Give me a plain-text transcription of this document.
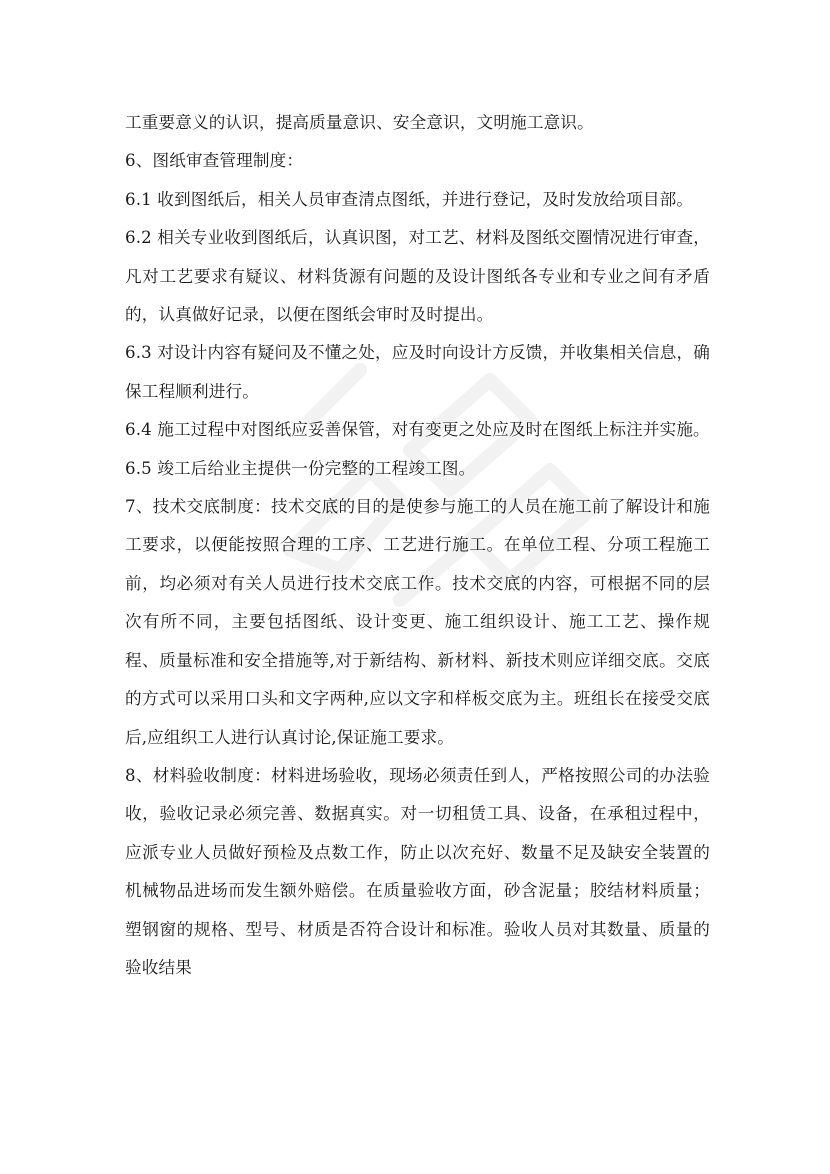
工重要意义的认识，提高质量意识、安全意识，文明施工意识。

6、图纸审查管理制度：

6.1 收到图纸后，相关人员审查清点图纸，并进行登记，及时发放给项目部。

6.2 相关专业收到图纸后，认真识图，对工艺、材料及图纸交圈情况进行审查，凡对工艺要求有疑议、材料货源有问题的及设计图纸各专业和专业之间有矛盾的，认真做好记录，以便在图纸会审时及时提出。

6.3 对设计内容有疑问及不懂之处，应及时向设计方反馈，并收集相关信息，确保工程顺利进行。

6.4 施工过程中对图纸应妥善保管，对有变更之处应及时在图纸上标注并实施。

6.5 竣工后给业主提供一份完整的工程竣工图。

7、技术交底制度：技术交底的目的是使参与施工的人员在施工前了解设计和施工要求，以便能按照合理的工序、工艺进行施工。在单位工程、分项工程施工前，均必须对有关人员进行技术交底工作。技术交底的内容，可根据不同的层次有所不同，主要包括图纸、设计变更、施工组织设计、施工工艺、操作规程、质量标准和安全措施等,对于新结构、新材料、新技术则应详细交底。交底的方式可以采用口头和文字两种,应以文字和样板交底为主。班组长在接受交底后,应组织工人进行认真讨论,保证施工要求。

8、材料验收制度：材料进场验收，现场必须责任到人，严格按照公司的办法验收，验收记录必须完善、数据真实。对一切租赁工具、设备，在承租过程中，应派专业人员做好预检及点数工作，防止以次充好、数量不足及缺安全装置的机械物品进场而发生额外赔偿。在质量验收方面，砂含泥量；胶结材料质量；塑钢窗的规格、型号、材质是否符合设计和标准。验收人员对其数量、质量的验收结果
